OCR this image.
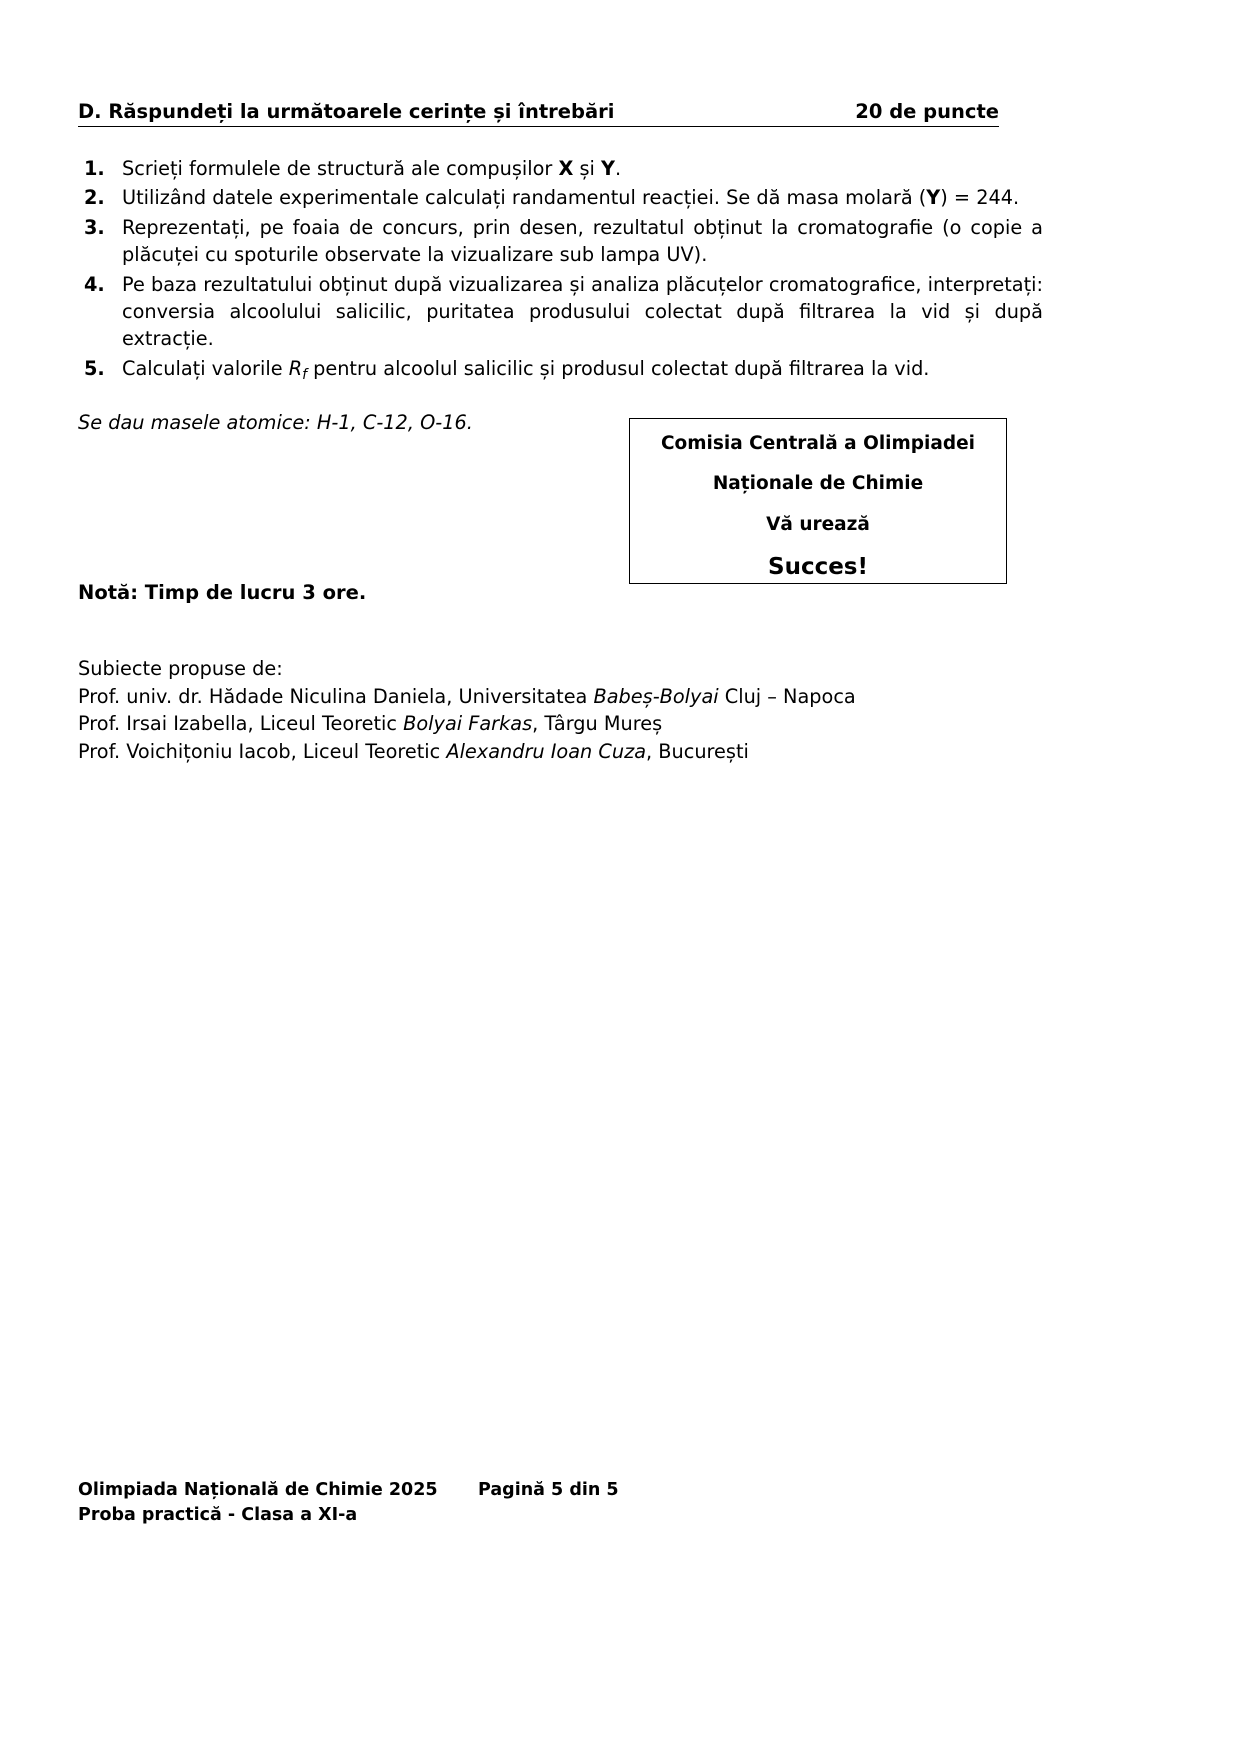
D. Răspundeți la următoarele cerințe și întrebări	20 de puncte
1. Scrieți formulele de structură ale compușilor X și Y.
2. Utilizând datele experimentale calculați randamentul reacției. Se dă masa molară (Y) = 244.
3. Reprezentați, pe foaia de concurs, prin desen, rezultatul obținut la cromatografie (o copie a plăcuței cu spoturile observate la vizualizare sub lampa UV).
4. Pe baza rezultatului obținut după vizualizarea și analiza plăcuțelor cromatografice, interpretați: conversia alcoolului salicilic, puritatea produsului colectat după filtrarea la vid și după extracție.
5. Calculați valorile $R_f$ pentru alcoolul salicilic și produsul colectat după filtrarea la vid.
Se dau masele atomice: H-1, C-12, O-16.

Comisia Centrală a Olimpiadei

Naționale de Chimie

Vă urează

Succes!

Notă: Timp de lucru 3 ore.
Subiecte propuse de:
Prof. univ. dr. Hădade Niculina Daniela, Universitatea Babeș-Bolyai Cluj – Napoca
Prof. Irsai Izabella, Liceul Teoretic Bolyai Farkas, Târgu Mureș
Prof. Voichițoniu Iacob, Liceul Teoretic Alexandru Ioan Cuza, București
Olimpiada Națională de Chimie 2025	Pagină 5 din 5
Proba practică - Clasa a XI-a
